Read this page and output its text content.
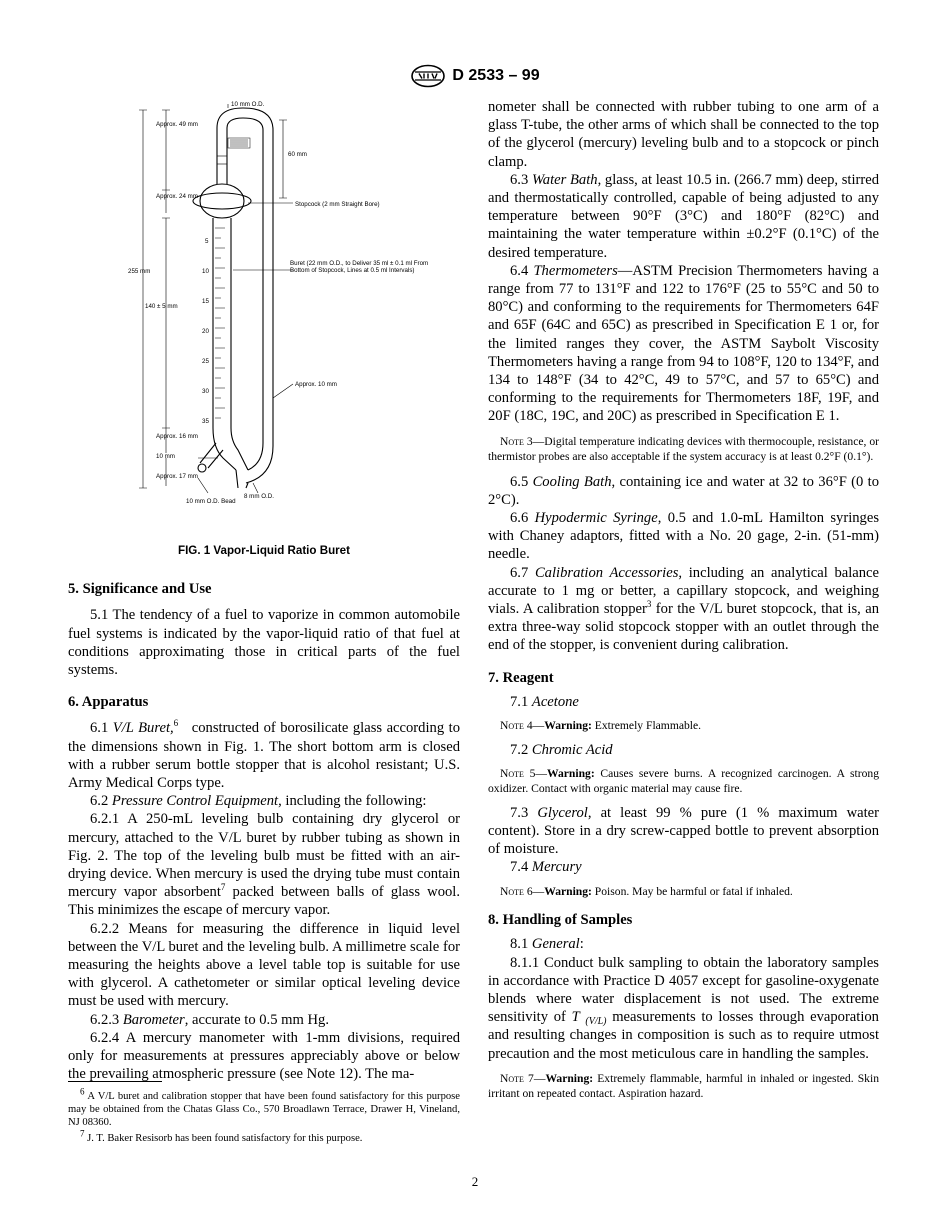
D 2533 – 99
Approx. 49 mm
10 mm O.D.
60 mm
Approx. 24 mm
Stopcock (2 mm Straight Bore)
255 mm
140 ± 5 mm
Buret (22 mm O.D., to Deliver 35 ml ± 0.1 ml From Bottom of Stopcock, Lines at 0.5 ml Intervals)
Approx. 10 mm
Approx. 16 mm
10 mm
Approx. 17 mm
10 mm O.D. Bead
8 mm O.D.
5
10
15
20
25
30
35

FIG. 1 Vapor-Liquid Ratio Buret

5. Significance and Use

5.1 The tendency of a fuel to vaporize in common automobile fuel systems is indicated by the vapor-liquid ratio of that fuel at conditions approximating those in critical parts of the fuel systems.

6. Apparatus

6.1 V/L Buret,$^6$ constructed of borosilicate glass according to the dimensions shown in Fig. 1. The short bottom arm is closed with a rubber serum bottle stopper that is alcohol resistant; U.S. Army Medical Corps type.

6.2 Pressure Control Equipment, including the following:

6.2.1 A 250-mL leveling bulb containing dry glycerol or mercury, attached to the V/L buret by rubber tubing as shown in Fig. 2. The top of the leveling bulb must be fitted with an air-drying device. When mercury is used the drying tube must contain mercury vapor absorbent$^7$ packed between balls of glass wool. This minimizes the escape of mercury vapor.

6.2.2 Means for measuring the difference in liquid level between the V/L buret and the leveling bulb. A millimetre scale for measuring the heights above a level table top is suitable for use with glycerol. A cathetometer or similar optical leveling device must be used with mercury.

6.2.3 Barometer, accurate to 0.5 mm Hg.

6.2.4 A mercury manometer with 1-mm divisions, required only for measurements at pressures appreciably above or below the prevailing atmospheric pressure (see Note 12). The ma-

$^6$ A V/L buret and calibration stopper that have been found satisfactory for this purpose may be obtained from the Chatas Glass Co., 570 Broadlawn Terrace, Drawer H, Vineland, NJ 08360.

$^7$ J. T. Baker Resisorb has been found satisfactory for this purpose.

nometer shall be connected with rubber tubing to one arm of a glass T-tube, the other arms of which shall be connected to the top of the glycerol (mercury) leveling bulb and to a stopcock or pinch clamp.

6.3 Water Bath, glass, at least 10.5 in. (266.7 mm) deep, stirred and thermostatically controlled, capable of being adjusted to any temperature between 90°F (3°C) and 180°F (82°C) and maintaining the water temperature within ±0.2°F (0.1°C) of the desired temperature.

6.4 Thermometers—ASTM Precision Thermometers having a range from 77 to 131°F and 122 to 176°F (25 to 55°C and 50 to 80°C) and conforming to the requirements for Thermometers 64F and 65F (64C and 65C) as prescribed in Specification E 1 or, for the limited ranges they cover, the ASTM Saybolt Viscosity Thermometers having a range from 94 to 108°F, 120 to 134°F, and 134 to 148°F (34 to 42°C, 49 to 57°C, and 57 to 65°C) and conforming to the requirements for Thermometers 18F, 19F, and 20F (18C, 19C, and 20C) as prescribed in Specification E 1.

Note 3—Digital temperature indicating devices with thermocouple, resistance, or thermistor probes are also acceptable if the system accuracy is at least 0.2°F (0.1°).

6.5 Cooling Bath, containing ice and water at 32 to 36°F (0 to 2°C).

6.6 Hypodermic Syringe, 0.5 and 1.0-mL Hamilton syringes with Chaney adaptors, fitted with a No. 20 gage, 2-in. (51-mm) needle.

6.7 Calibration Accessories, including an analytical balance accurate to 1 mg or better, a capillary stopcock, and weighing vials. A calibration stopper$^3$ for the V/L buret stopcock, that is, an extra three-way solid stopcock stopper with an outlet through the end of the stopper, is convenient during calibration.

7. Reagent

7.1 Acetone

Note 4—Warning: Extremely Flammable.

7.2 Chromic Acid

Note 5—Warning: Causes severe burns. A recognized carcinogen. A strong oxidizer. Contact with organic material may cause fire.

7.3 Glycerol, at least 99 % pure (1 % maximum water content). Store in a dry screw-capped bottle to prevent absorption of moisture.

7.4 Mercury

Note 6—Warning: Poison. May be harmful or fatal if inhaled.

8. Handling of Samples

8.1 General:

8.1.1 Conduct bulk sampling to obtain the laboratory samples in accordance with Practice D 4057 except for gasoline-oxygenate blends where water displacement is not used. The extreme sensitivity of T $_{(V/L)}$ measurements to losses through evaporation and resulting changes in composition is such as to require utmost precaution and the most meticulous care in handling the samples.

Note 7—Warning: Extremely flammable, harmful in inhaled or ingested. Skin irritant on repeated contact. Aspiration hazard.

2
